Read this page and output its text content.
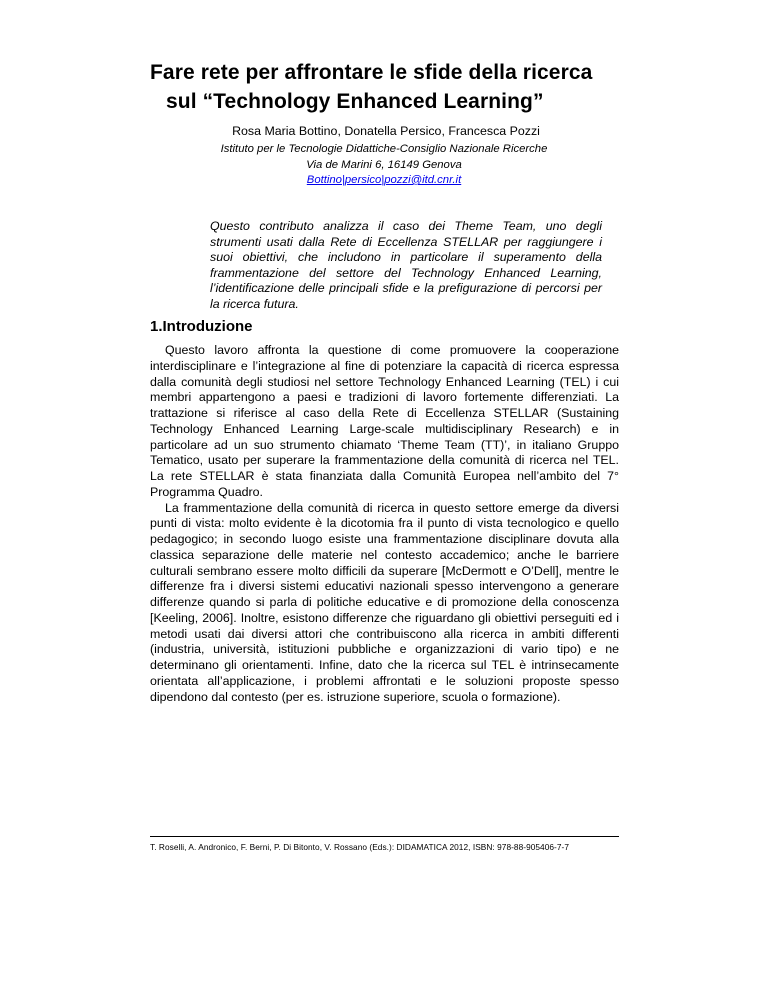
Fare rete per affrontare le sfide della ricerca
sul “Technology Enhanced Learning”
Rosa Maria Bottino, Donatella Persico, Francesca Pozzi
Istituto per le Tecnologie Didattiche-Consiglio Nazionale Ricerche
Via de Marini 6, 16149 Genova
Bottino|persico|pozzi@itd.cnr.it
Questo contributo analizza il caso dei Theme Team, uno degli strumenti usati dalla Rete di Eccellenza STELLAR per raggiungere i suoi obiettivi, che includono in particolare il superamento della frammentazione del settore del Technology Enhanced Learning, l’identificazione delle principali sfide e la prefigurazione di percorsi per la ricerca futura.
1.Introduzione

Questo lavoro affronta la questione di come promuovere la cooperazione interdisciplinare e l’integrazione al fine di potenziare la capacità di ricerca espressa dalla comunità degli studiosi nel settore Technology Enhanced Learning (TEL) i cui membri appartengono a paesi e tradizioni di lavoro fortemente differenziati. La trattazione si riferisce al caso della Rete di Eccellenza STELLAR (Sustaining Technology Enhanced Learning Large-scale multidisciplinary Research) e in particolare ad un suo strumento chiamato ‘Theme Team (TT)’, in italiano Gruppo Tematico, usato per superare la frammentazione della comunità di ricerca nel TEL. La rete STELLAR è stata finanziata dalla Comunità Europea nell’ambito del 7° Programma Quadro.

La frammentazione della comunità di ricerca in questo settore emerge da diversi punti di vista: molto evidente è la dicotomia fra il punto di vista tecnologico e quello pedagogico; in secondo luogo esiste una frammentazione disciplinare dovuta alla classica separazione delle materie nel contesto accademico; anche le barriere culturali sembrano essere molto difficili da superare [McDermott e O’Dell], mentre le differenze fra i diversi sistemi educativi nazionali spesso intervengono a generare differenze quando si parla di politiche educative e di promozione della conoscenza [Keeling, 2006]. Inoltre, esistono differenze che riguardano gli obiettivi perseguiti ed i metodi usati dai diversi attori che contribuiscono alla ricerca in ambiti differenti (industria, università, istituzioni pubbliche e organizzazioni di vario tipo) e ne determinano gli orientamenti. Infine, dato che la ricerca sul TEL è intrinsecamente orientata all’applicazione, i problemi affrontati e le soluzioni proposte spesso dipendono dal contesto (per es. istruzione superiore, scuola o formazione).

T. Roselli, A. Andronico, F. Berni, P. Di Bitonto, V. Rossano (Eds.): DIDAMATICA 2012, ISBN: 978-88-905406-7-7
